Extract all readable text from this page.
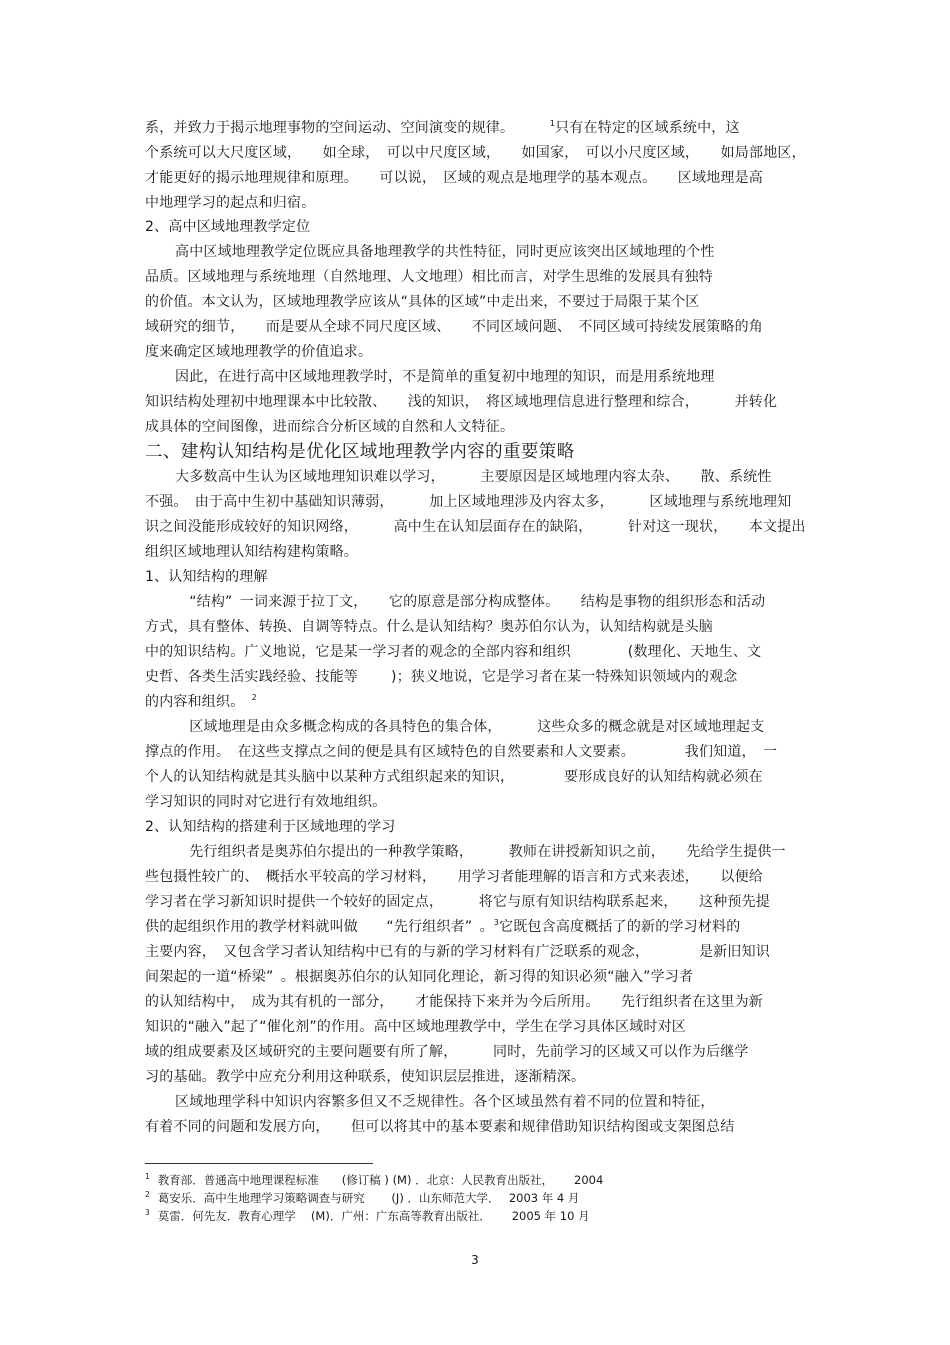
系，并致力于揭示地理事物的空间运动、空间演变的规律。　　　$^1$只有在特定的区域系统中，这
个系统可以大尺度区域，　　如全球，　可以中尺度区域，　　如国家，　可以小尺度区域，　　如局部地区，
才能更好的揭示地理规律和原理。　　可以说，　区域的观点是地理学的基本观点。　　区域地理是高
中地理学习的起点和归宿。
2、高中区域地理教学定位
高中区域地理教学定位既应具备地理教学的共性特征，同时更应该突出区域地理的个性
品质。区域地理与系统地理（自然地理、人文地理）相比而言，对学生思维的发展具有独特
的价值。本文认为，区域地理教学应该从“具体的区域”中走出来，不要过于局限于某个区
域研究的细节，　　而是要从全球不同尺度区域、　　不同区域问题、　不同区域可持续发展策略的角
度来确定区域地理教学的价值追求。
因此，在进行高中区域地理教学时，不是简单的重复初中地理的知识，而是用系统地理
知识结构处理初中地理课本中比较散、　　浅的知识，　将区域地理信息进行整理和综合，　　　并转化
成具体的空间图像，进而综合分析区域的自然和人文特征。
二、建构认知结构是优化区域地理教学内容的重要策略
大多数高中生认为区域地理知识难以学习，　　　主要原因是区域地理内容太杂、　　散、系统性
不强。 由于高中生初中基础知识薄弱，　　　加上区域地理涉及内容太多，　　　区域地理与系统地理知
识之间没能形成较好的知识网络，　　　高中生在认知层面存在的缺陷，　　　针对这一现状，　　本文提出
组织区域地理认知结构建构策略。
1、认知结构的理解
　“结构” 一词来源于拉丁文，　　它的原意是部分构成整体。　　结构是事物的组织形态和活动
方式，具有整体、转换、自调等特点。什么是认知结构？奥苏伯尔认为，认知结构就是头脑
中的知识结构。广义地说，它是某一学习者的观念的全部内容和组织　　　　(数理化、天地生、文
史哲、各类生活实践经验、技能等　　 )；狭义地说，它是学习者在某一特殊知识领域内的观念
的内容和组织。 $^2$
　区域地理是由众多概念构成的各具特色的集合体，　　　这些众多的概念就是对区域地理起支
撑点的作用。 在这些支撑点之间的便是具有区域特色的自然要素和人文要素。　　　　我们知道，　一
个人的认知结构就是其头脑中以某种方式组织起来的知识，　　　　要形成良好的认知结构就必须在
学习知识的同时对它进行有效地组织。
2、认知结构的搭建利于区域地理的学习
　先行组织者是奥苏伯尔提出的一种教学策略，　　　教师在讲授新知识之前，　　先给学生提供一
些包摄性较广的、　概括水平较高的学习材料，　　用学习者能理解的语言和方式来表述，　　以便给
学习者在学习新知识时提供一个较好的固定点，　　　将它与原有知识结构联系起来，　　这种预先提
供的起组织作用的教学材料就叫做　　“先行组织者” 。$^3$它既包含高度概括了的新的学习材料的
主要内容，　又包含学习者认知结构中已有的与新的学习材料有广泛联系的观念，　　　　是新旧知识
间架起的一道“桥梁” 。根据奥苏伯尔的认知同化理论，新习得的知识必须“融入”学习者
的认知结构中，　成为其有机的一部分，　　才能保持下来并为今后所用。　　先行组织者在这里为新
知识的“融入”起了“催化剂”的作用。高中区域地理教学中，学生在学习具体区域时对区
域的组成要素及区域研究的主要问题要有所了解，　　　同时，先前学习的区域又可以作为后继学
习的基础。教学中应充分利用这种联系，使知识层层推进，逐渐精深。
区域地理学科中知识内容繁多但又不乏规律性。各个区域虽然有着不同的位置和特征，
有着不同的问题和发展方向，　　但可以将其中的基本要素和规律借助知识结构图或支架图总结
$^1$ 教育部．普通高中地理课程标准　　(修订稿 ) (M) ．北京：人民教育出版社，　　 2004
$^2$ 葛安乐．高中生地理学习策略调查与研究　　 (J) ．山东师范大学．  2003 年 4 月
$^3$ 莫雷．何先友．教育心理学　 (M)．广州：广东高等教育出版社．　　 2005 年 10 月
3
